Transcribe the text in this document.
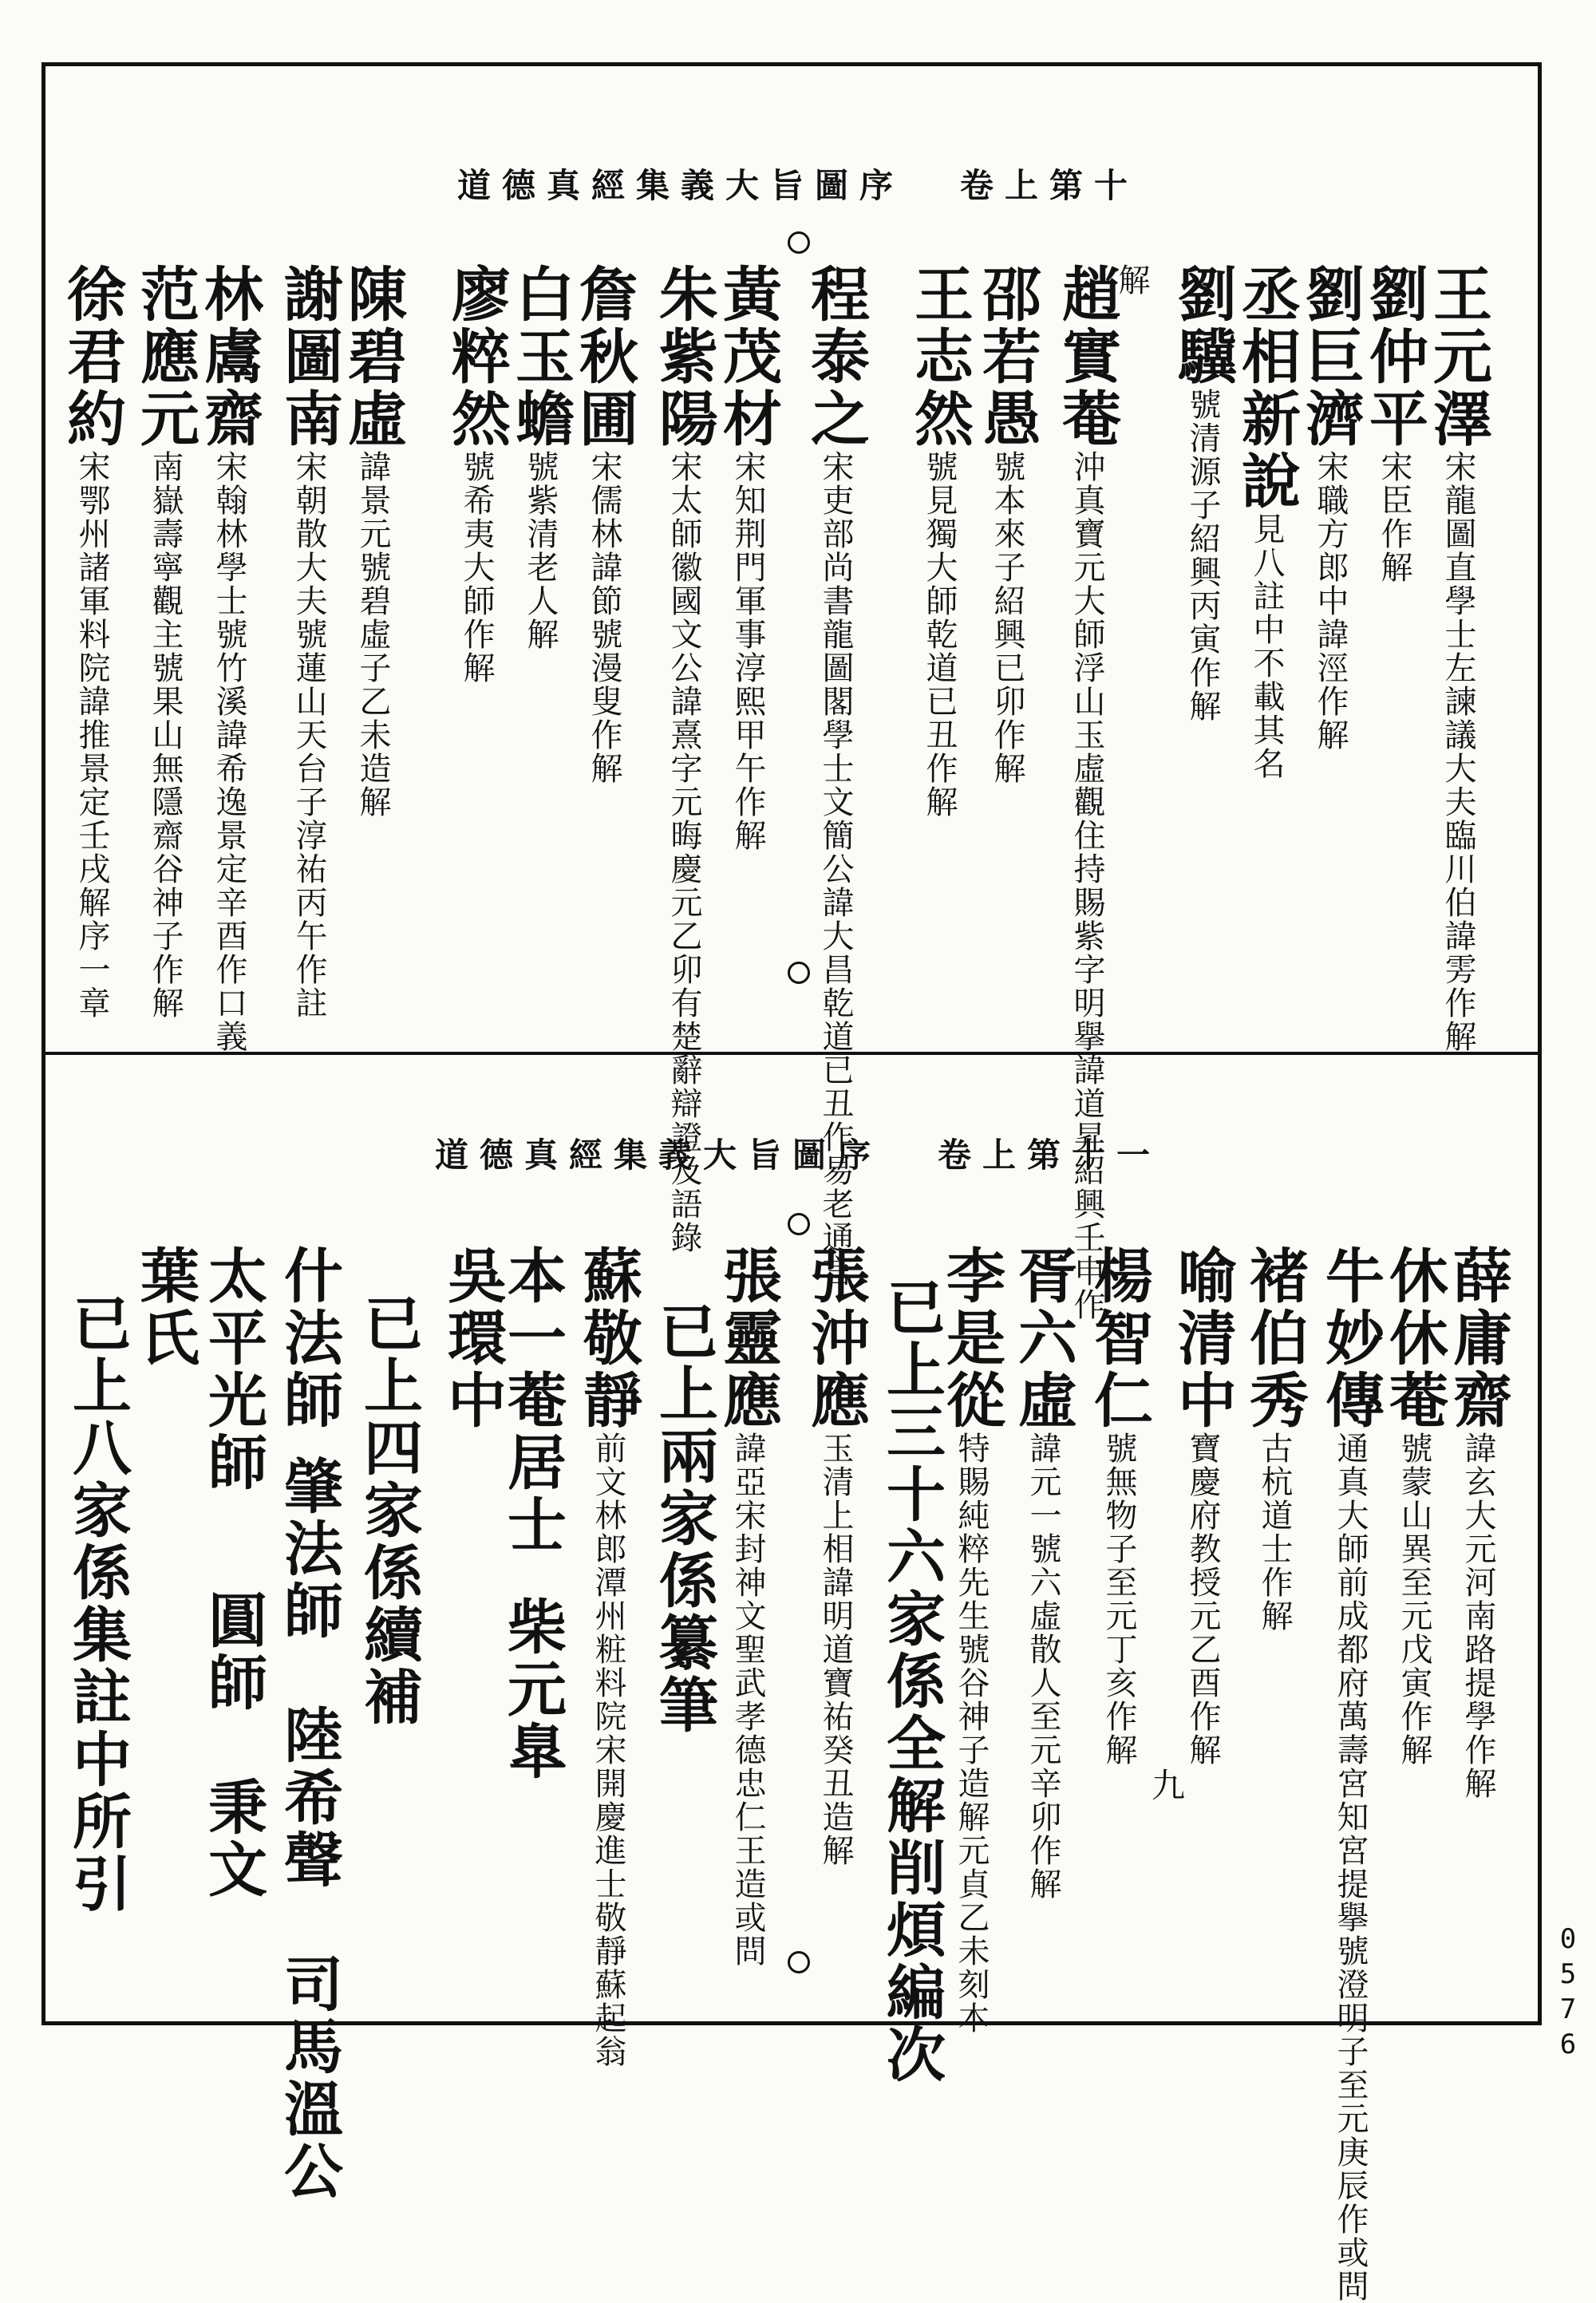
道德真經集義大旨圖序 卷上第十
王元澤宋龍圖直學士左諫議大夫臨川伯諱雱作解
劉仲平宋臣作解
劉巨濟宋職方郎中諱涇作解
丞相新說見八註中不載其名
劉驥號清源子紹興丙寅作解
解
趙實菴沖真寶元大師浮山玉虛觀住持賜紫字明擧諱道昇紹興壬申作
邵若愚號本來子紹興已卯作解
王志然號見獨大師乾道已丑作解
程泰之宋吏部尚書龍圖閣學士文簡公諱大昌乾道已丑作易老通言
黃茂材宋知荆門軍事淳熙甲午作解
朱紫陽宋太師徽國文公諱熹字元晦慶元乙卯有楚辭辯證及語錄
詹秋圃宋儒林諱節號漫叟作解
白玉蟾號紫清老人解
廖粹然號希夷大師作解
陳碧虛諱景元號碧虛子乙未造解
謝圖南宋朝散大夫號蓮山天台子淳祐丙午作註
林鬳齋宋翰林學士號竹溪諱希逸景定辛酉作口義
范應元南嶽壽寧觀主號果山無隱齋谷神子作解
徐君約宋鄂州諸軍料院諱推景定壬戌解序一章
道德真經集義大旨圖序 卷上第十一
薛庸齋諱玄大元河南路提學作解
休休菴號蒙山異至元戊寅作解
牛妙傳通真大師前成都府萬壽宮知宮提擧號澄明子至元庚辰作或問
褚伯秀古杭道士作解
喻清中寶慶府教授元乙酉作解
楊智仁號無物子至元丁亥作解
胥六虛諱元一號六虛散人至元辛卯作解
李是從特賜純粹先生號谷神子造解元貞乙未刻本
已上三十六家係全解削煩編次
張沖應玉清上相諱明道寶祐癸丑造解
張靈應諱亞宋封神文聖武孝德忠仁王造或問
已上兩家係纂筆
蘇敬靜前文林郎潭州粧料院宋開慶進士敬靜蘇起翁
本一菴居士柴元臯
吳環中
已上四家係續補
什法師肇法師　陸希聲　司馬溫公
太平光師圓師　秉文
葉氏
已上八家係集註中所引	九
0576
